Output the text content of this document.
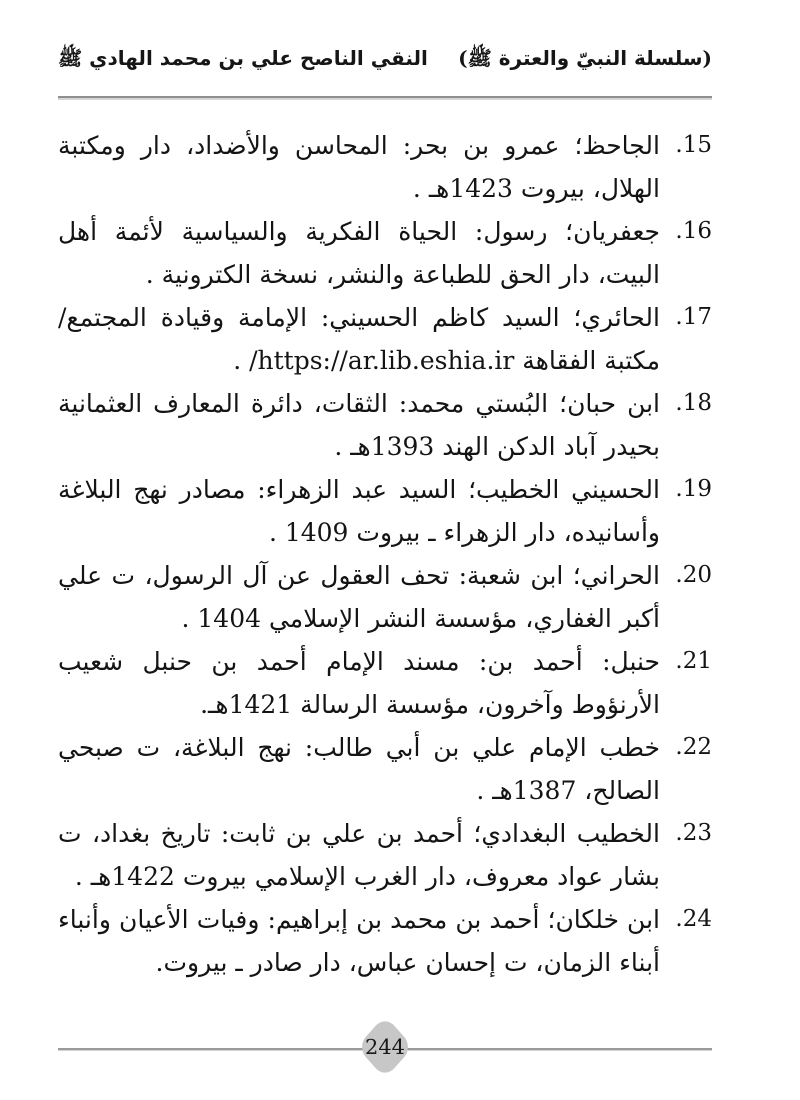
(سلسلة النبيّ والعترة ﷺ)
النقي الناصح علي بن محمد الهادي ﷺ
15.
الجاحظ؛ عمرو بن بحر: المحاسن والأضداد، دار ومكتبة الهلال، بيروت 1423هـ .
16.
جعفريان؛ رسول: الحياة الفكرية والسياسية لأئمة أهل البيت، دار الحق للطباعة والنشر، نسخة الكترونية .
17.
الحائري؛ السيد كاظم الحسيني: الإمامة وقيادة المجتمع/ مكتبة الفقاهة https://ar.lib.eshia.ir/ .
18.
ابن حبان؛ البُستي محمد: الثقات، دائرة المعارف العثمانية بحيدر آباد الدكن الهند 1393هـ .
19.
الحسيني الخطيب؛ السيد عبد الزهراء: مصادر نهج البلاغة وأسانيده، دار الزهراء ـ بيروت 1409 .
20.
الحراني؛ ابن شعبة: تحف العقول عن آل الرسول، ت علي أكبر الغفاري، مؤسسة النشر الإسلامي 1404 .
21.
حنبل: أحمد بن: مسند الإمام أحمد بن حنبل شعيب الأرنؤوط وآخرون، مؤسسة الرسالة 1421هـ.
22.
خطب الإمام علي بن أبي طالب: نهج البلاغة، ت صبحي الصالح، 1387هـ .
23.
الخطيب البغدادي؛ أحمد بن علي بن ثابت: تاريخ بغداد، ت بشار عواد معروف، دار الغرب الإسلامي بيروت 1422هـ .
24.
ابن خلكان؛ أحمد بن محمد بن إبراهيم: وفيات الأعيان وأنباء أبناء الزمان، ت إحسان عباس، دار صادر ـ بيروت.
244
